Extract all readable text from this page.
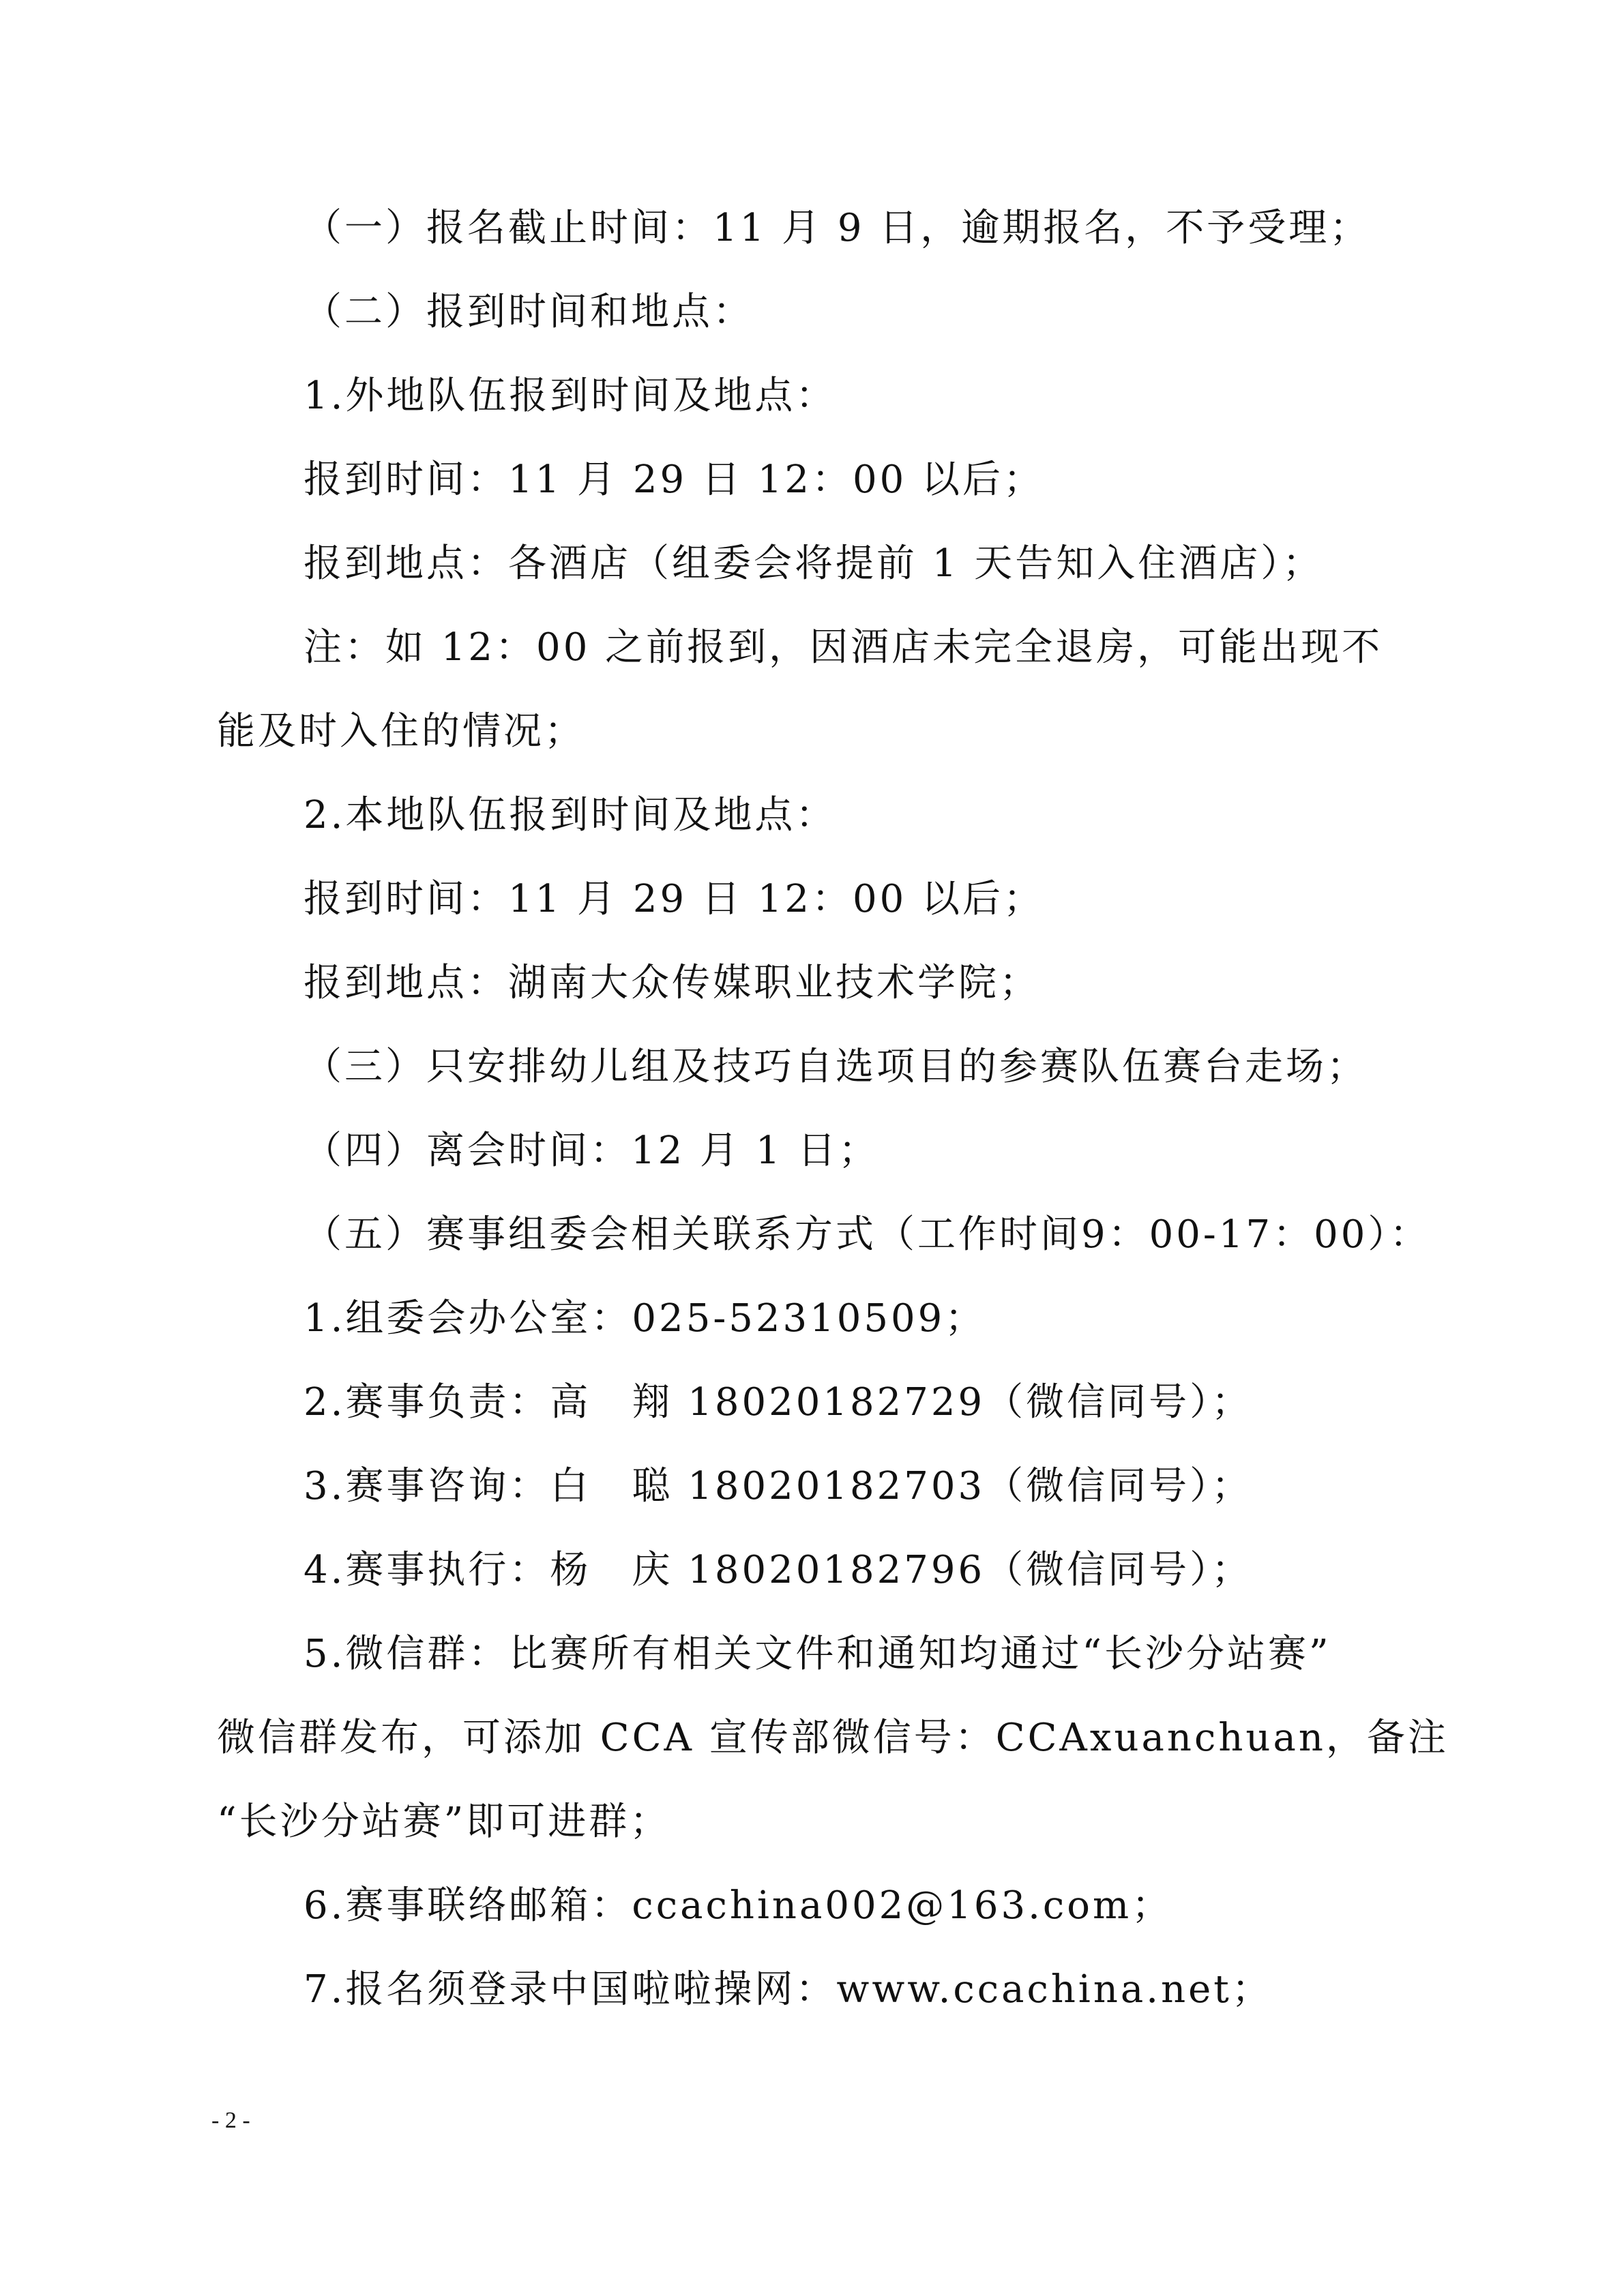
（一）报名截止时间：11 月 9 日，逾期报名，不予受理；
（二）报到时间和地点：
1.外地队伍报到时间及地点：
报到时间：11 月 29 日 12：00 以后；
报到地点：各酒店（组委会将提前 1 天告知入住酒店）；
注：如 12：00 之前报到，因酒店未完全退房，可能出现不
能及时入住的情况；
2.本地队伍报到时间及地点：
报到时间：11 月 29 日 12：00 以后；
报到地点：湖南大众传媒职业技术学院；
（三）只安排幼儿组及技巧自选项目的参赛队伍赛台走场；
（四）离会时间：12 月 1 日；
（五）赛事组委会相关联系方式（工作时间9：00-17：00）：
1.组委会办公室：025-52310509；
2.赛事负责：高　翔 18020182729（微信同号）；
3.赛事咨询：白　聪 18020182703（微信同号）；
4.赛事执行：杨　庆 18020182796（微信同号）；
5.微信群：比赛所有相关文件和通知均通过“长沙分站赛”
微信群发布，可添加 CCA 宣传部微信号：CCAxuanchuan，备注
“长沙分站赛”即可进群；
6.赛事联络邮箱：ccachina002@163.com；
7.报名须登录中国啦啦操网：www.ccachina.net；
- 2 -
